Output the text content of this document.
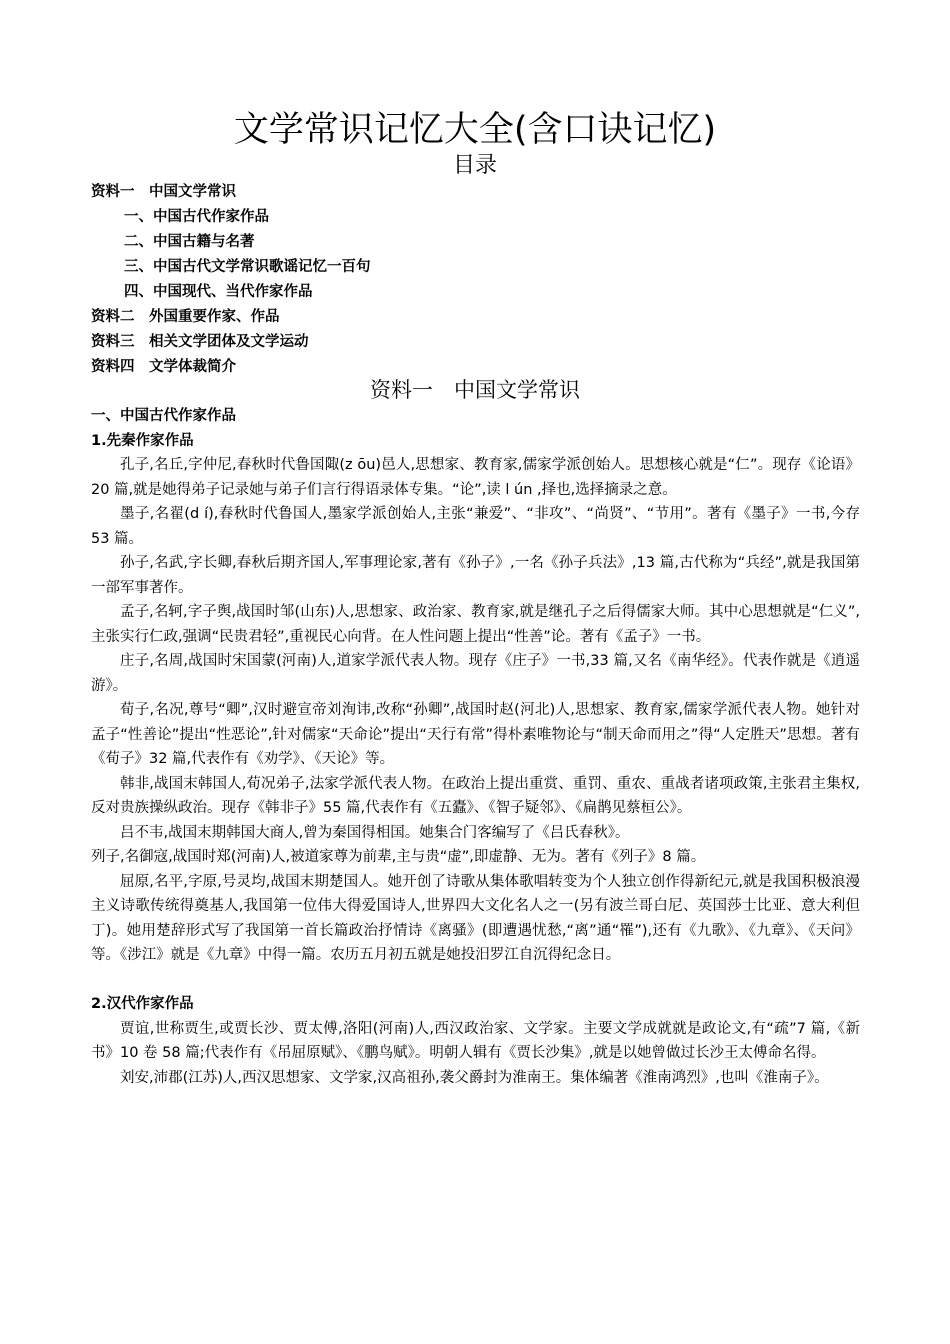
文学常识记忆大全(含口诀记忆)
目录
资料一　中国文学常识
一、中国古代作家作品
二、中国古籍与名著
三、中国古代文学常识歌谣记忆一百句
四、中国现代、当代作家作品
资料二　外国重要作家、作品
资料三　相关文学团体及文学运动
资料四　文学体裁简介
资料一　中国文学常识
一、中国古代作家作品
1.先秦作家作品

孔子,名丘,字仲尼,春秋时代鲁国陬(z ōu)邑人,思想家、教育家,儒家学派创始人。思想核心就是“仁”。现存《论语》20 篇,就是她得弟子记录她与弟子们言行得语录体专集。“论”,读 l ún ,择也,选择摘录之意。

墨子,名翟(d í),春秋时代鲁国人,墨家学派创始人,主张“兼爱”、“非攻”、“尚贤”、“节用”。著有《墨子》一书,今存 53 篇。

孙子,名武,字长卿,春秋后期齐国人,军事理论家,著有《孙子》,一名《孙子兵法》,13 篇,古代称为“兵经”,就是我国第一部军事著作。

孟子,名轲,字子舆,战国时邹(山东)人,思想家、政治家、教育家,就是继孔子之后得儒家大师。其中心思想就是“仁义”,主张实行仁政,强调“民贵君轻”,重视民心向背。在人性问题上提出“性善”论。著有《孟子》一书。

庄子,名周,战国时宋国蒙(河南)人,道家学派代表人物。现存《庄子》一书,33 篇,又名《南华经》。代表作就是《逍遥游》。

荀子,名况,尊号“卿”,汉时避宣帝刘洵讳,改称“孙卿”,战国时赵(河北)人,思想家、教育家,儒家学派代表人物。她针对孟子“性善论”提出“性恶论”,针对儒家“天命论”提出“天行有常”得朴素唯物论与“制天命而用之”得“人定胜天”思想。著有《荀子》32 篇,代表作有《劝学》、《天论》等。

韩非,战国末韩国人,荀况弟子,法家学派代表人物。在政治上提出重赏、重罚、重农、重战者诸项政策,主张君主集权,反对贵族操纵政治。现存《韩非子》55 篇,代表作有《五蠹》、《智子疑邻》、《扁鹊见蔡桓公》。

吕不韦,战国末期韩国大商人,曾为秦国得相国。她集合门客编写了《吕氏春秋》。

列子,名御寇,战国时郑(河南)人,被道家尊为前辈,主与贵“虚”,即虚静、无为。著有《列子》8 篇。

屈原,名平,字原,号灵均,战国末期楚国人。她开创了诗歌从集体歌唱转变为个人独立创作得新纪元,就是我国积极浪漫主义诗歌传统得奠基人,我国第一位伟大得爱国诗人,世界四大文化名人之一(另有波兰哥白尼、英国莎士比亚、意大利但丁)。她用楚辞形式写了我国第一首长篇政治抒情诗《离骚》(即遭遇忧愁,“离”通“罹”),还有《九歌》、《九章》、《天问》等。《涉江》就是《九章》中得一篇。农历五月初五就是她投汨罗江自沉得纪念日。

2.汉代作家作品

贾谊,世称贾生,或贾长沙、贾太傅,洛阳(河南)人,西汉政治家、文学家。主要文学成就就是政论文,有“疏”7 篇,《新书》10 卷 58 篇;代表作有《吊屈原赋》、《鹏鸟赋》。明朝人辑有《贾长沙集》,就是以她曾做过长沙王太傅命名得。

刘安,沛郡(江苏)人,西汉思想家、文学家,汉高祖孙,袭父爵封为淮南王。集体编著《淮南鸿烈》,也叫《淮南子》。
